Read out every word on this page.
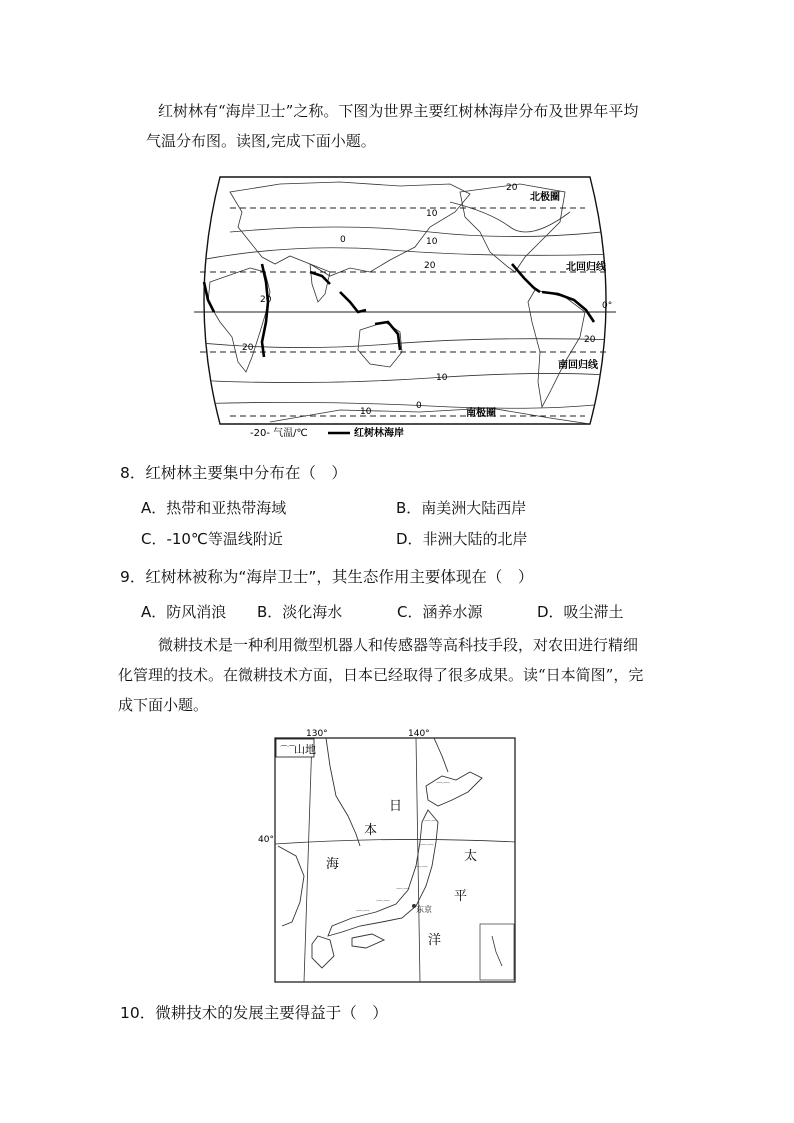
红树林有“海岸卫士”之称。下图为世界主要红树林海岸分布及世界年平均
气温分布图。读图,完成下面小题。
20
10
10
0
20
20
20
20
10
10
0
北极圈
北回归线
0°
南回归线
南极圈
-20- 气温/℃	红树林海岸
8．红树林主要集中分布在（　）
A．热带和亚热带海域	B．南美洲大陆西岸
C．-10℃等温线附近	D．非洲大陆的北岸
9．红树林被称为“海岸卫士”，其生态作用主要体现在（　）
A．防风消浪 B．淡化海水	C．涵养水源	D．吸尘滞土
微耕技术是一种利用微型机器人和传感器等高科技手段，对农田进行精细
化管理的技术。在微耕技术方面，日本已经取得了很多成果。读“日本简图”，完
成下面小题。
130°	140°
40°
⌒⌒
山地
⌒⌒
⌒⌒
⌒⌒
⌒⌒
⌒⌒
⌒⌒
⌒⌒
日
本
海
太
平
洋
东京
10．微耕技术的发展主要得益于（　）
